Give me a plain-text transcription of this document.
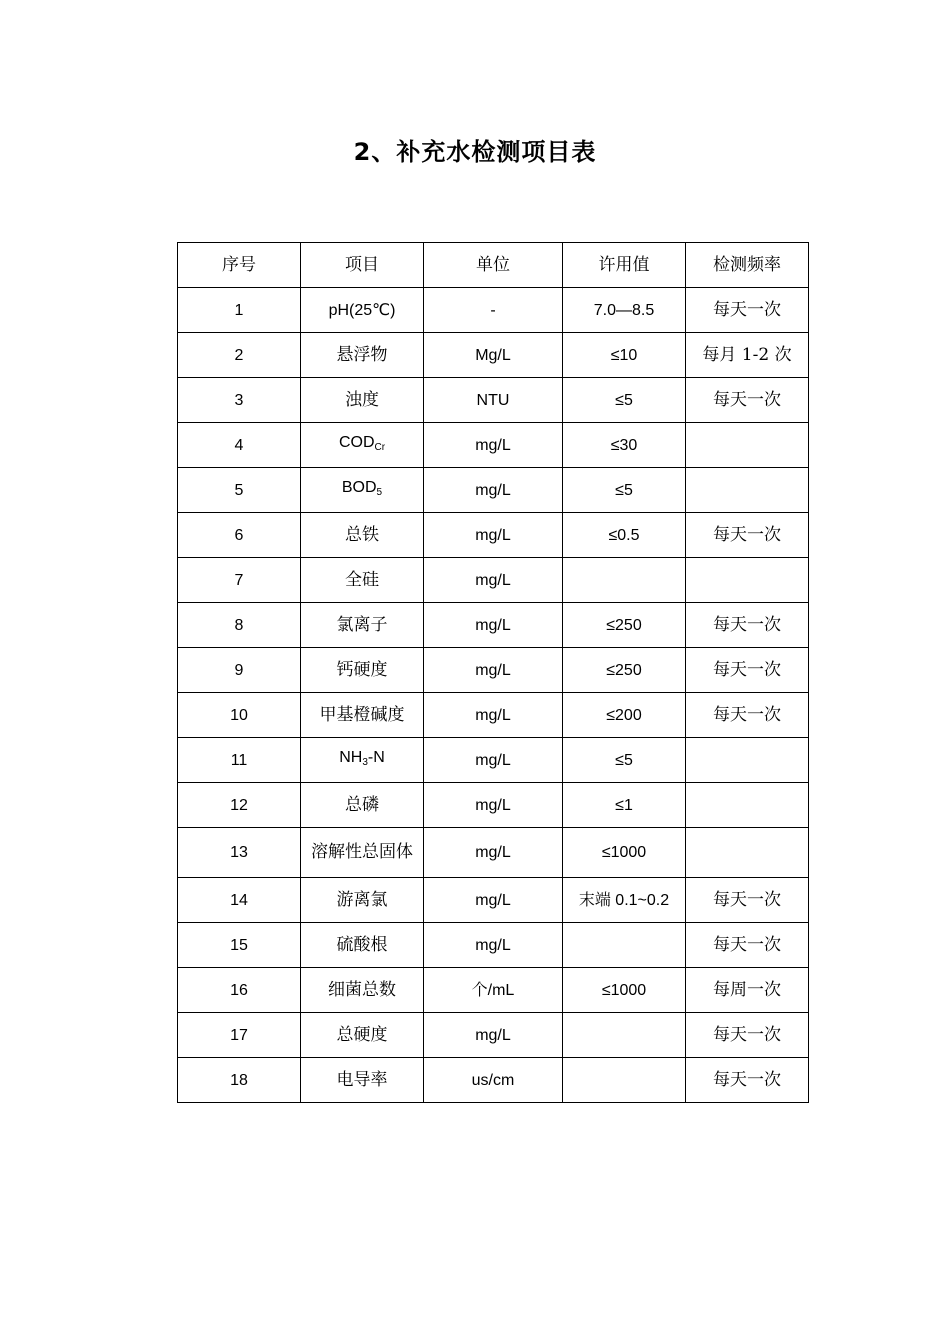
2、补充水检测项目表
序号	项目	单位	许用值	检测频率
1	pH(25℃)	-	7.0—8.5	每天一次
2	悬浮物	Mg/L	≤10	每月 1-2 次
3	浊度	NTU	≤5	每天一次
4	$COD_{Cr}$	mg/L	≤30	
5	$BOD_5$	mg/L	≤5	
6	总铁	mg/L	≤0.5	每天一次
7	全硅	mg/L		
8	氯离子	mg/L	≤250	每天一次
9	钙硬度	mg/L	≤250	每天一次
10	甲基橙碱度	mg/L	≤200	每天一次
11	$NH_3-N$	mg/L	≤5	
12	总磷	mg/L	≤1	
13	溶解性总固体	mg/L	≤1000	
14	游离氯	mg/L	末端 0.1~0.2	每天一次
15	硫酸根	mg/L		每天一次
16	细菌总数	个/mL	≤1000	每周一次
17	总硬度	mg/L		每天一次
18	电导率	us/cm		每天一次
